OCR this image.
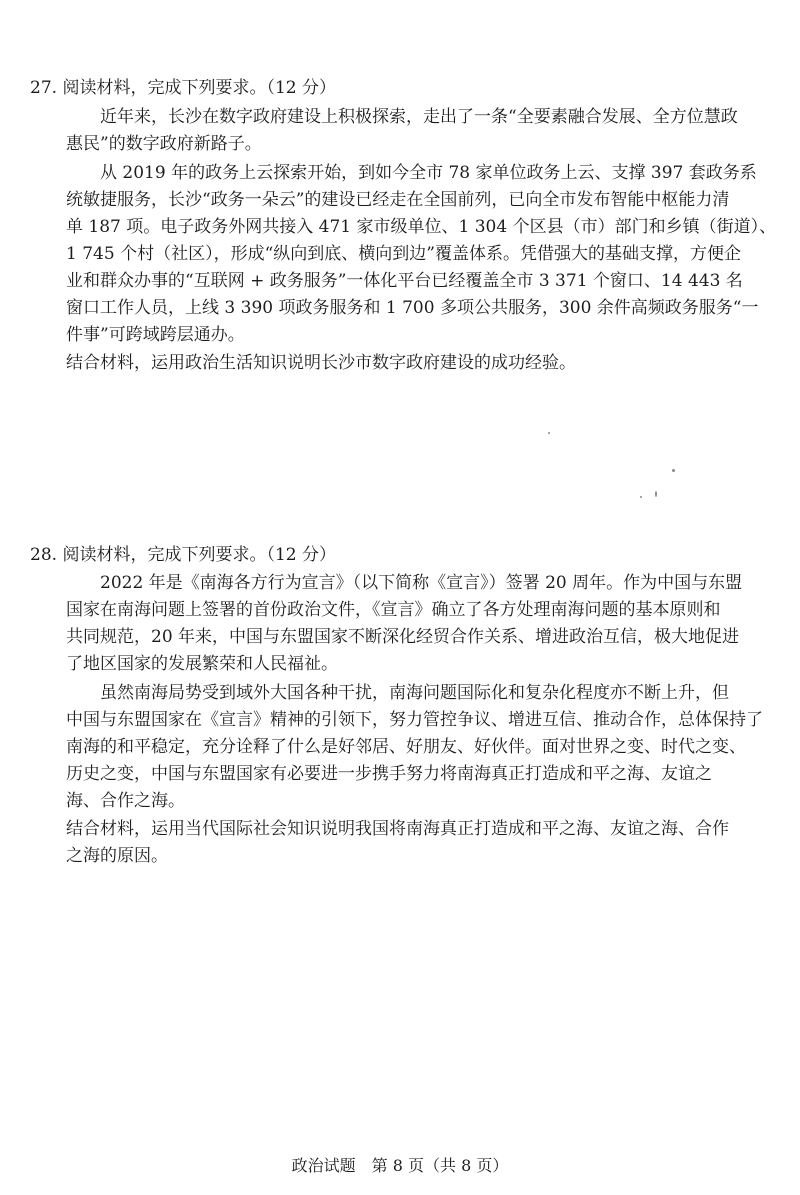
27. 阅读材料，完成下列要求。（12 分）
近年来，长沙在数字政府建设上积极探索，走出了一条“全要素融合发展、全方位慧政
惠民”的数字政府新路子。
从 2019 年的政务上云探索开始，到如今全市 78 家单位政务上云、支撑 397 套政务系
统敏捷服务，长沙“政务一朵云”的建设已经走在全国前列，已向全市发布智能中枢能力清
单 187 项。电子政务外网共接入 471 家市级单位、1 304 个区县（市）部门和乡镇（街道）、
1 745 个村（社区），形成“纵向到底、横向到边”覆盖体系。凭借强大的基础支撑，方便企
业和群众办事的“互联网 + 政务服务”一体化平台已经覆盖全市 3 371 个窗口、14 443 名
窗口工作人员，上线 3 390 项政务服务和 1 700 多项公共服务，300 余件高频政务服务“一
件事”可跨域跨层通办。
结合材料，运用政治生活知识说明长沙市数字政府建设的成功经验。
28. 阅读材料，完成下列要求。（12 分）
2022 年是《南海各方行为宣言》（以下简称《宣言》）签署 20 周年。作为中国与东盟
国家在南海问题上签署的首份政治文件，《宣言》确立了各方处理南海问题的基本原则和
共同规范，20 年来，中国与东盟国家不断深化经贸合作关系、增进政治互信，极大地促进
了地区国家的发展繁荣和人民福祉。
虽然南海局势受到域外大国各种干扰，南海问题国际化和复杂化程度亦不断上升，但
中国与东盟国家在《宣言》精神的引领下，努力管控争议、增进互信、推动合作，总体保持了
南海的和平稳定，充分诠释了什么是好邻居、好朋友、好伙伴。面对世界之变、时代之变、
历史之变，中国与东盟国家有必要进一步携手努力将南海真正打造成和平之海、友谊之
海、合作之海。
结合材料，运用当代国际社会知识说明我国将南海真正打造成和平之海、友谊之海、合作
之海的原因。
政治试题　第 8 页（共 8 页）
